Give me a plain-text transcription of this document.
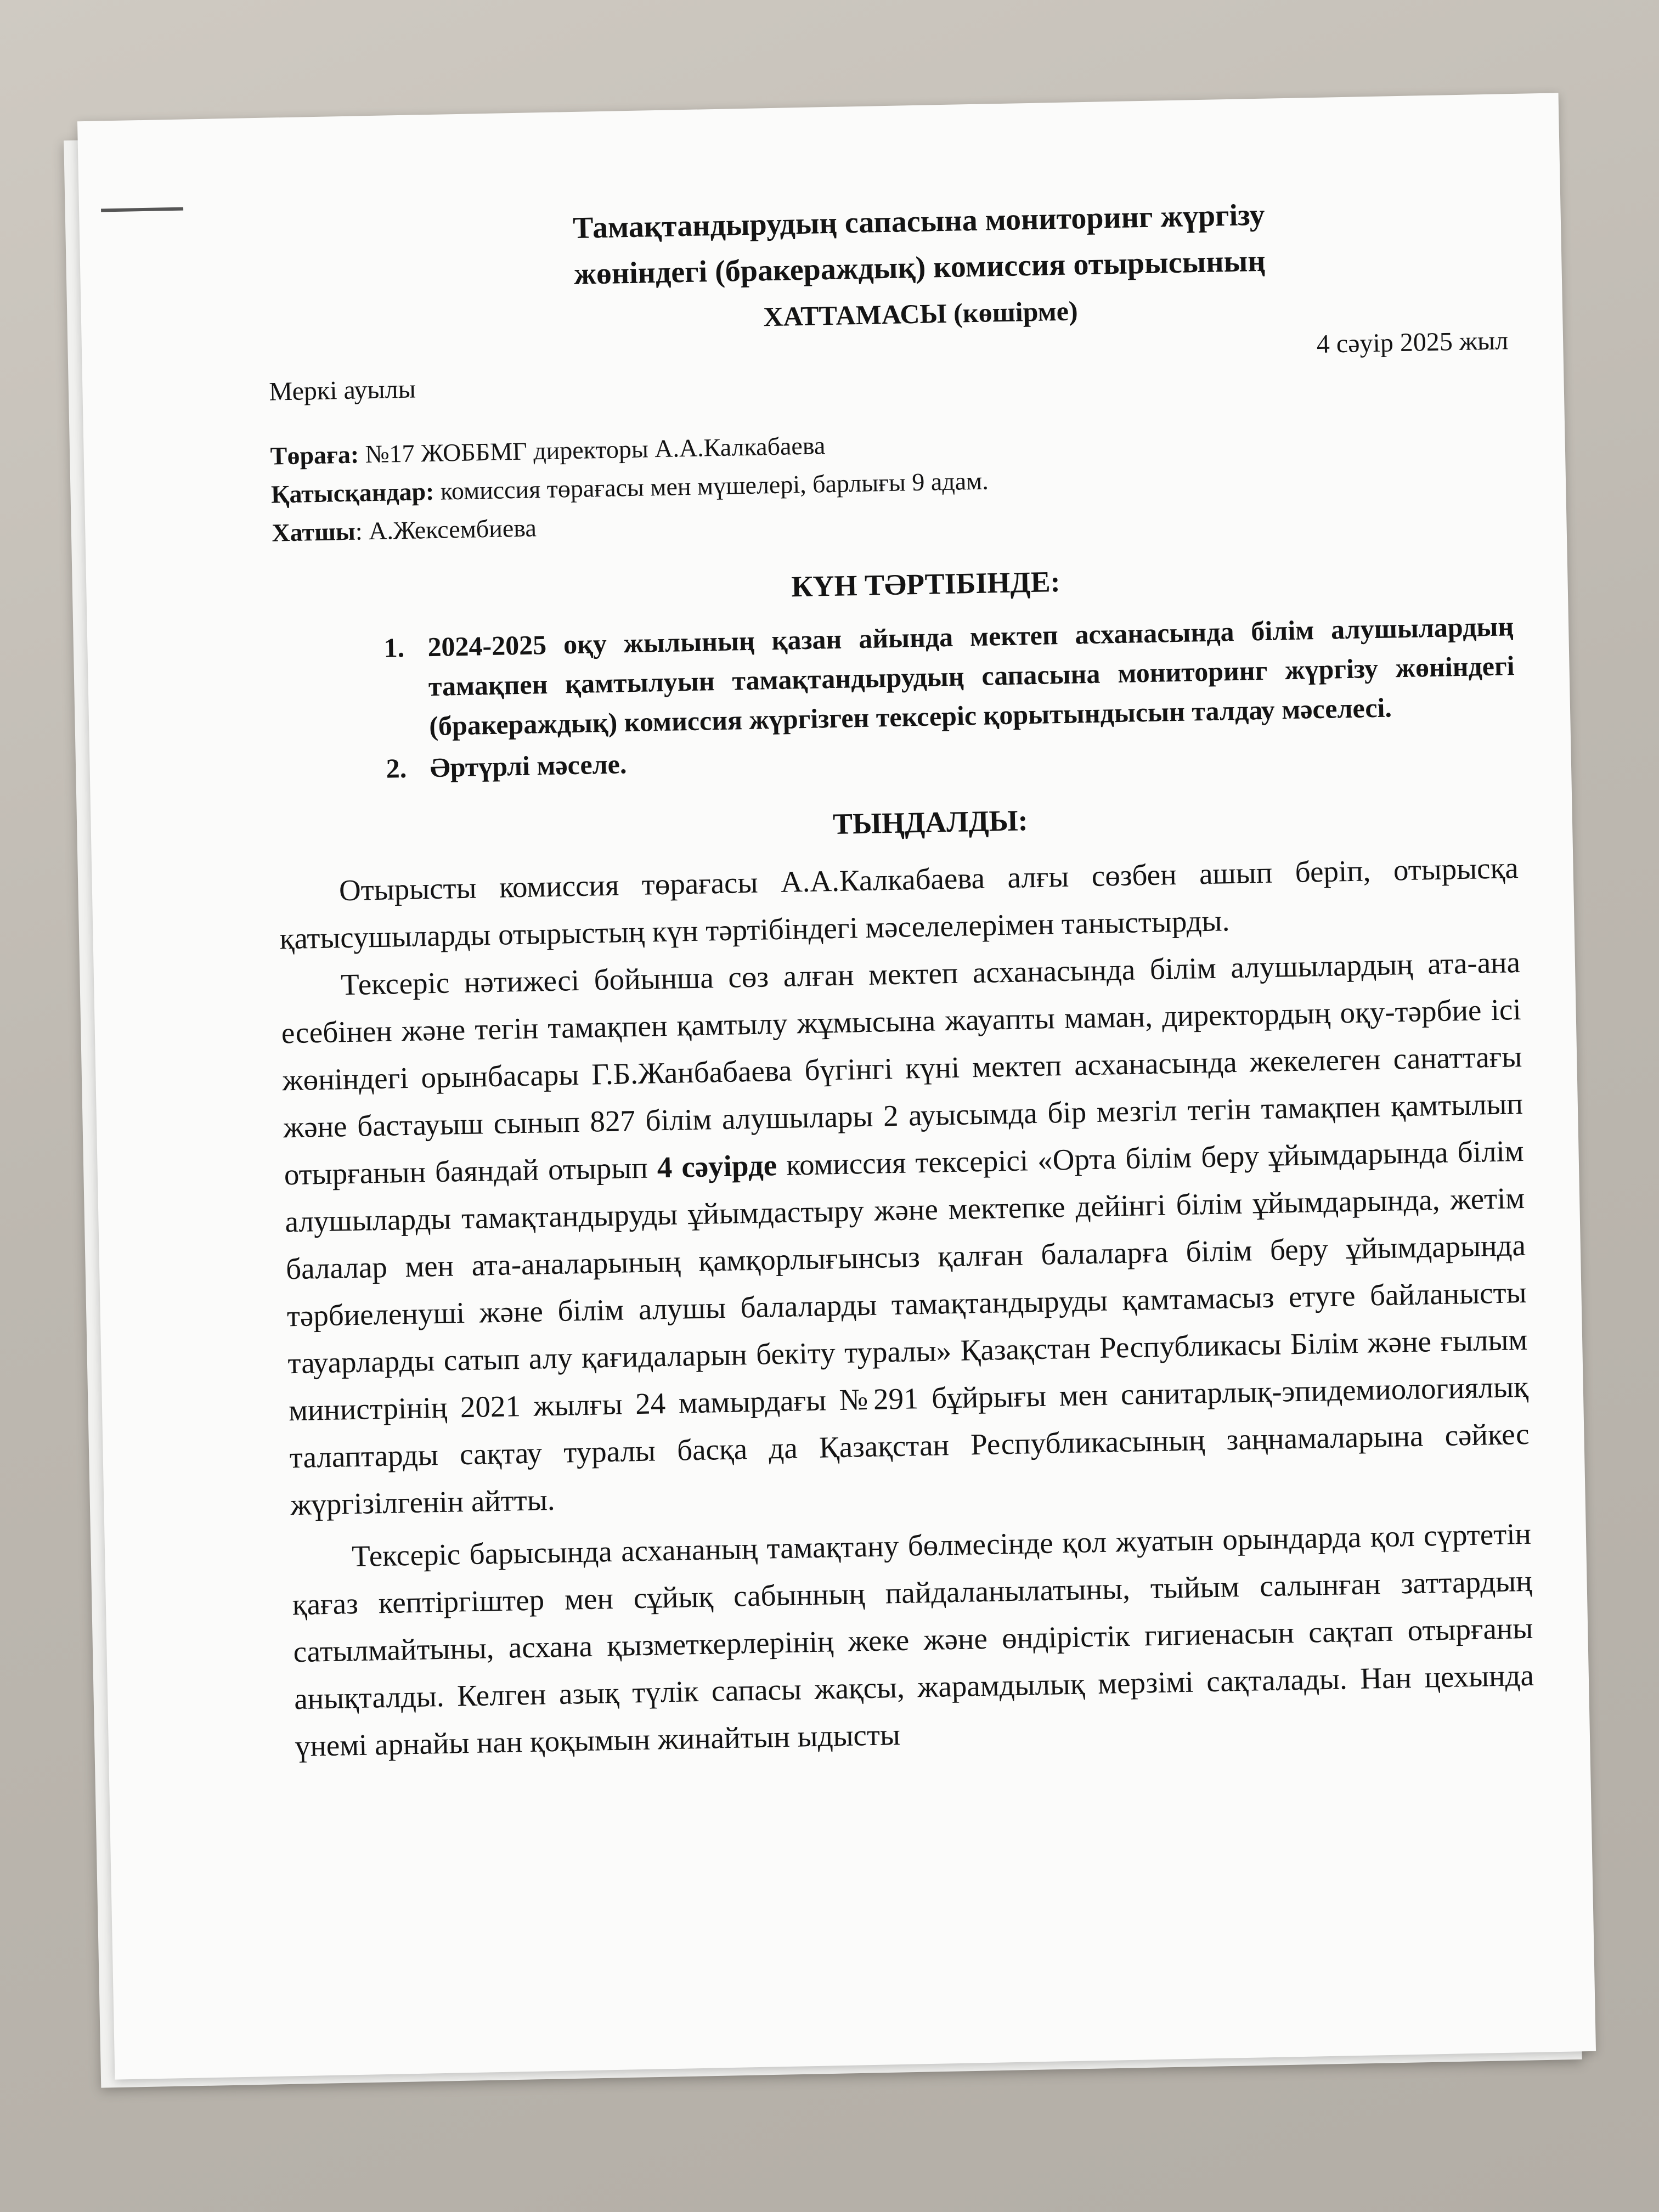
Тамақтандырудың сапасына мониторинг жүргізу
жөніндегі (бракераждық) комиссия отырысының
ХАТТАМАСЫ (көшірме)
Меркі ауылы
4 сәуір 2025 жыл
Төраға: №17 ЖОББМГ директоры А.А.Калкабаева
Қатысқандар: комиссия төрағасы мен мүшелері, барлығы 9 адам.
Хатшы: А.Жексембиева
КҮН ТӘРТІБІНДЕ:
1. 2024-2025 оқу жылының қазан айында мектеп асханасында білім алушылардың тамақпен қамтылуын тамақтандырудың сапасына мониторинг жүргізу жөніндегі (бракераждық) комиссия жүргізген тексеріс қорытындысын талдау мәселесі.
2. Әртүрлі мәселе.
ТЫҢДАЛДЫ:

Отырысты комиссия төрағасы А.А.Калкабаева алғы сөзбен ашып беріп, отырысқа қатысушыларды отырыстың күн тәртібіндегі мәселелерімен таныстырды.

Тексеріс нәтижесі бойынша сөз алған мектеп асханасында білім алушылардың ата-ана есебінен және тегін тамақпен қамтылу жұмысына жауапты маман, директордың оқу-тәрбие ісі жөніндегі орынбасары Г.Б.Жанбабаева бүгінгі күні мектеп асханасында жекелеген санаттағы және бастауыш сынып 827 білім алушылары 2 ауысымда бір мезгіл тегін тамақпен қамтылып отырғанын баяндай отырып 4 сәуірде комиссия тексерісі «Орта білім беру ұйымдарында білім алушыларды тамақтандыруды ұйымдастыру және мектепке дейінгі білім ұйымдарында, жетім балалар мен ата-аналарының қамқорлығынсыз қалған балаларға білім беру ұйымдарында тәрбиеленуші және білім алушы балаларды тамақтандыруды қамтамасыз етуге байланысты тауарларды сатып алу қағидаларын бекіту туралы» Қазақстан Республикасы Білім және ғылым министрінің 2021 жылғы 24 мамырдағы №291 бұйрығы мен санитарлық-эпидемиологиялық талаптарды сақтау туралы басқа да Қазақстан Республикасының заңнамаларына сәйкес жүргізілгенін айтты.

Тексеріс барысында асхананың тамақтану бөлмесінде қол жуатын орындарда қол сүртетін қағаз кептіргіштер мен сұйық сабынның пайдаланылатыны, тыйым салынған заттардың сатылмайтыны, асхана қызметкерлерінің жеке және өндірістік гигиенасын сақтап отырғаны анықталды. Келген азық түлік сапасы жақсы, жарамдылық мерзімі сақталады. Нан цехында үнемі арнайы нан қоқымын жинайтын ыдысты
